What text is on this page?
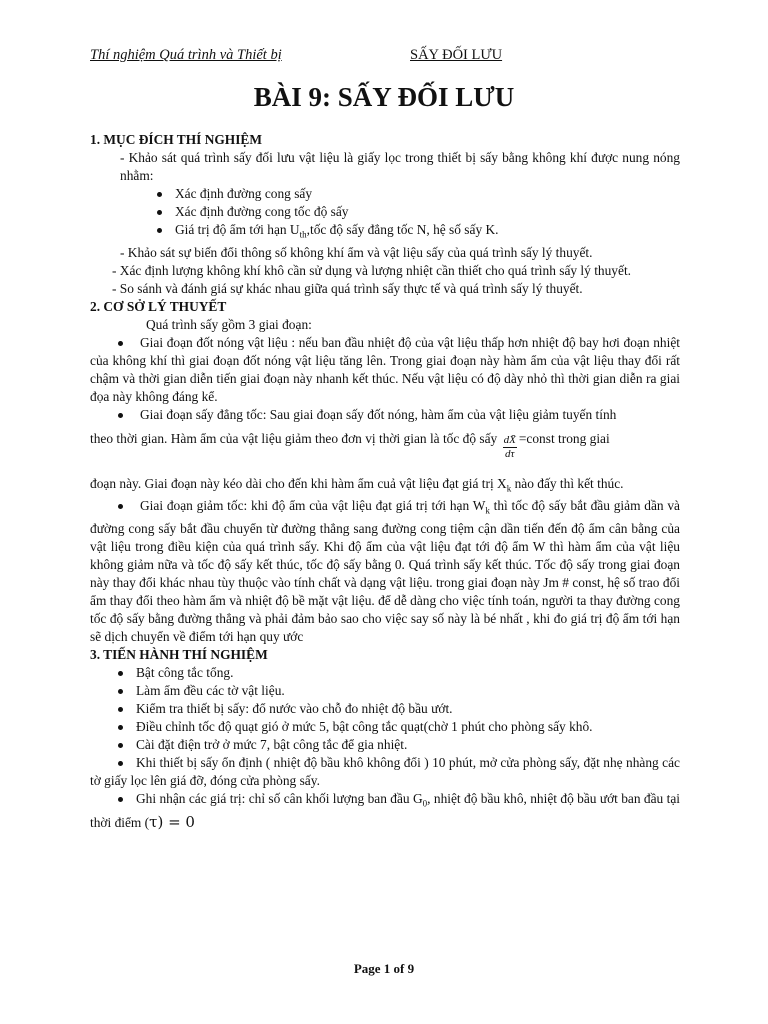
Thí nghiệm Quá trình và Thiết bị	SẤY ĐỐI LƯU
BÀI 9: SẤY ĐỐI LƯU

1. MỤC ĐÍCH THÍ NGHIỆM

- Khảo sát quá trình sấy đối lưu vật liệu là giấy lọc trong thiết bị sấy bằng không khí được nung nóng nhằm:

Xác định đường cong sấy
Xác định đường cong tốc độ sấy
Giá trị độ ẩm tới hạn $U_{th},tốc$ độ sấy đẳng tốc N, hệ số sấy K.

- Khảo sát sự biến đổi thông số không khí ẩm và vật liệu sấy của quá trình sấy lý thuyết.

- Xác định lượng không khí khô cần sử dụng và lượng nhiệt cần thiết cho quá trình sấy lý thuyết.

- So sánh và đánh giá sự khác nhau giữa quá trình sấy thực tế và quá trình sấy lý thuyết.

2. CƠ SỞ LÝ THUYẾT

Quá trình sấy gồm 3 giai đoạn:

Giai đoạn đốt nóng vật liệu : nếu ban đầu nhiệt độ của vật liệu thấp hơn nhiệt độ bay hơi đoạn nhiệt của không khí thì giai đoạn đốt nóng vật liệu tăng lên. Trong giai đoạn này hàm ẩm của vật liệu thay đổi rất chậm và thời gian diễn tiến giai đoạn này nhanh kết thúc. Nếu vật liệu có độ dày nhỏ thì thời gian diễn ra giai đọa này không đáng kể.
Giai đoạn sấy đẳng tốc: Sau giai đoạn sấy đốt nóng, hàm ẩm của vật liệu giảm tuyến tính

theo thời gian. Hàm ẩm của vật liệu giảm theo đơn vị thời gian là tốc độ sấy $\frac{dX̄}{d\tau}$ =const trong giai

đoạn này. Giai đoạn này kéo dài cho đến khi hàm ẩm cuả vật liệu đạt giá trị $X_k$ nào đấy thì kết thúc.

Giai đoạn giảm tốc: khi độ ẩm của vật liệu đạt giá trị tới hạn $W_k$ thì tốc độ sấy bắt đầu giảm dần và đường cong sấy bắt đầu chuyển từ đường thẳng sang đường cong tiệm cận dần tiến đến độ ẩm cân bằng của vật liệu trong điều kiện của quá trình sấy. Khi độ ẩm của vật liệu đạt tới độ ẩm W thì hàm ẩm của vật liệu không giảm nữa và tốc độ sấy kết thúc, tốc độ sấy bằng 0. Quá trình sấy kết thúc. Tốc độ sấy trong giai đoạn này thay đổi khác nhau tùy thuộc vào tính chất và dạng vật liệu. trong giai đoạn này Jm # const, hệ số trao đổi ẩm thay đổi theo hàm ẩm và nhiệt độ bề mặt vật liệu. để dễ dàng cho việc tính toán, người ta thay đường cong tốc độ sấy bằng đường thẳng và phải đảm bảo sao cho việc say số này là bé nhất , khi đo giá trị độ ẩm tới hạn sẽ dịch chuyển về điểm tới hạn quy ước

3. TIẾN HÀNH THÍ NGHIỆM

Bật công tắc tổng.
Làm ẩm đều các tờ vật liệu.
Kiểm tra thiết bị sấy: đổ nước vào chỗ đo nhiệt độ bầu ướt.
Điều chỉnh tốc độ quạt gió ở mức 5, bật công tắc quạt(chờ 1 phút cho phòng sấy khô.
Cài đặt điện trở ở mức 7, bật công tắc để gia nhiệt.
Khi thiết bị sấy ổn định ( nhiệt độ bầu khô không đổi ) 10 phút, mở cửa phòng sấy, đặt nhẹ nhàng các tờ giấy lọc lên giá đỡ, đóng cửa phòng sấy.
Ghi nhận các giá trị: chỉ số cân khối lượng ban đầu $G_0$, nhiệt độ bầu khô, nhiệt độ bầu ướt ban đầu tại thời điểm (τ) = 0
Page 1 of 9
